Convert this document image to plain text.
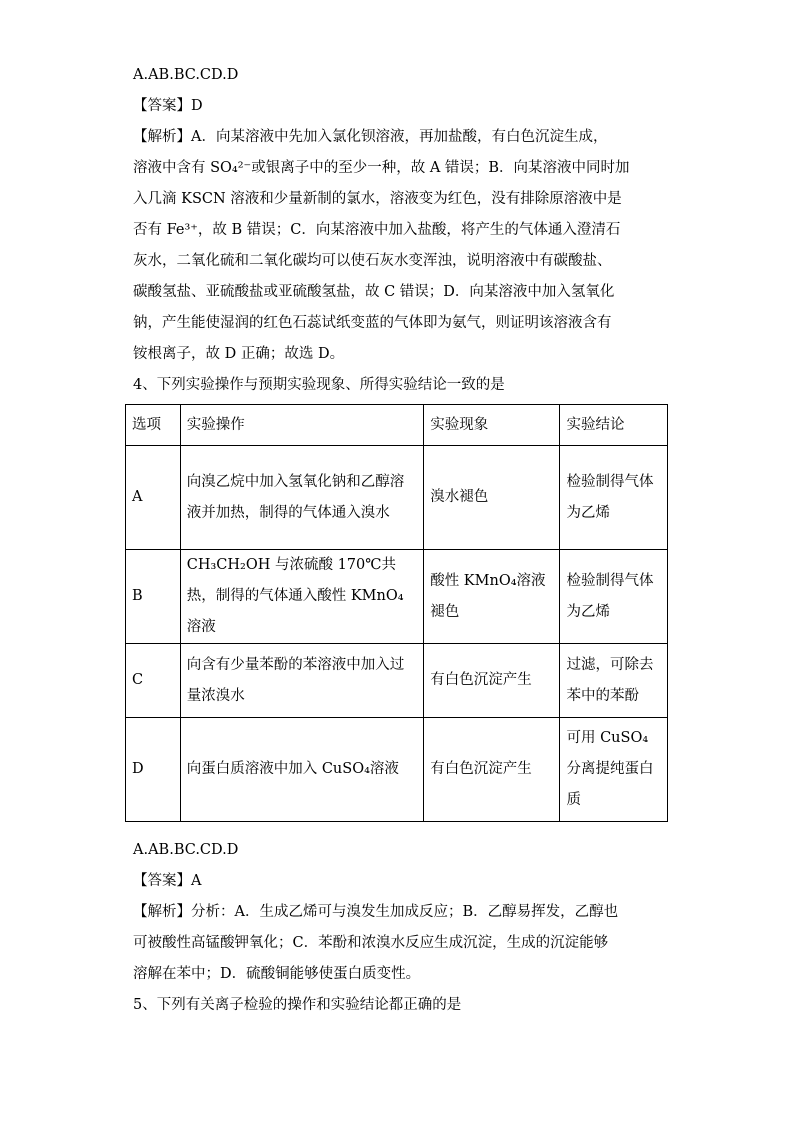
A.AB.BC.CD.D
【答案】D
【解析】A．向某溶液中先加入氯化钡溶液，再加盐酸，有白色沉淀生成，
溶液中含有 SO₄²⁻或银离子中的至少一种，故 A 错误；B．向某溶液中同时加
入几滴 KSCN 溶液和少量新制的氯水，溶液变为红色，没有排除原溶液中是
否有 Fe³⁺，故 B 错误；C．向某溶液中加入盐酸，将产生的气体通入澄清石
灰水，二氧化硫和二氧化碳均可以使石灰水变浑浊，说明溶液中有碳酸盐、
碳酸氢盐、亚硫酸盐或亚硫酸氢盐，故 C 错误；D．向某溶液中加入氢氧化
钠，产生能使湿润的红色石蕊试纸变蓝的气体即为氨气，则证明该溶液含有
铵根离子，故 D 正确；故选 D。
4、下列实验操作与预期实验现象、所得实验结论一致的是
选项	实验操作	实验现象	实验结论
A	向溴乙烷中加入氢氧化钠和乙醇溶液并加热，制得的气体通入溴水	溴水褪色	检验制得气体为乙烯
B	CH₃CH₂OH 与浓硫酸 170℃共热，制得的气体通入酸性 KMnO₄溶液	酸性 KMnO₄溶液褪色	检验制得气体为乙烯
C	向含有少量苯酚的苯溶液中加入过量浓溴水	有白色沉淀产生	过滤，可除去苯中的苯酚
D	向蛋白质溶液中加入 CuSO₄溶液	有白色沉淀产生	可用 CuSO₄分离提纯蛋白质
A.AB.BC.CD.D
【答案】A
【解析】分析：A．生成乙烯可与溴发生加成反应；B．乙醇易挥发，乙醇也
可被酸性高锰酸钾氧化；C．苯酚和浓溴水反应生成沉淀，生成的沉淀能够
溶解在苯中；D．硫酸铜能够使蛋白质变性。
5、下列有关离子检验的操作和实验结论都正确的是
